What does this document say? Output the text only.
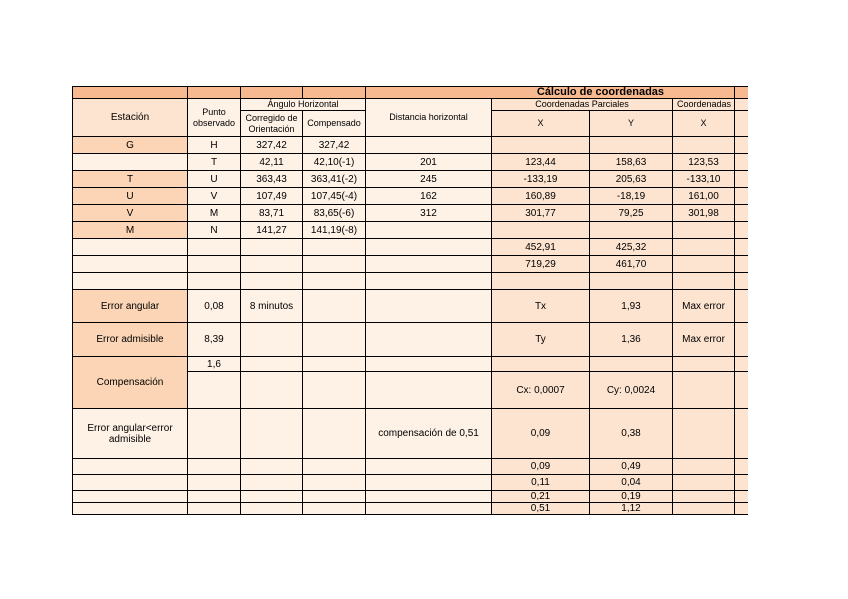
				Cálculo de coordenadas				
Estación	Punto observado	Ángulo Horizontal		Distancia horizontal	Coordenadas Parciales		Coordenadas	
		Corregido de Orientación	Compensado		X	Y	X	
G	H	327,42	327,42					
	T	42,11	42,10(-1)	201	123,44	158,63	123,53	
T	U	363,43	363,41(-2)	245	-133,19	205,63	-133,10	
U	V	107,49	107,45(-4)	162	160,89	-18,19	161,00	
V	M	83,71	83,65(-6)	312	301,77	79,25	301,98	
M	N	141,27	141,19(-8)					
					452,91	425,32		
					719,29	461,70		

Error angular	0,08	8 minutos			Tx	1,93	Max error	
Error admisible	8,39				Ty	1,36	Max error	
Compensación	1,6							
					Cx: 0,0007	Cy: 0,0024		
Error angular<error admisible				compensación de 0,51	0,09	0,38		
					0,09	0,49		
					0,11	0,04		
					0,21	0,19		
					0,51	1,12		
